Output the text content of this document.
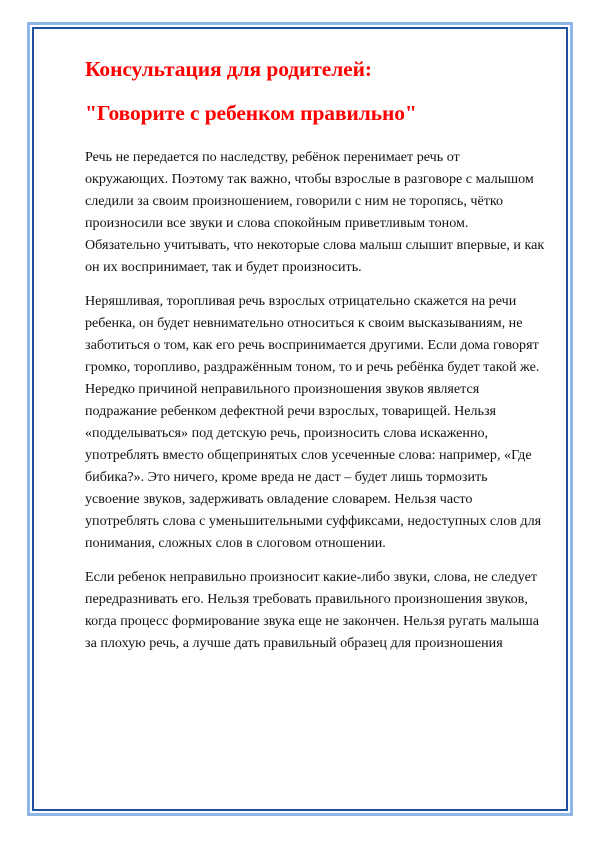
Консультация для родителей:
"Говорите с ребенком правильно"

Речь не передается по наследству, ребёнок перенимает речь от окружающих. Поэтому так важно, чтобы взрослые в разговоре с малышом следили за своим произношением, говорили с ним не торопясь, чётко произносили все звуки и слова спокойным приветливым тоном. Обязательно учитывать, что некоторые слова малыш слышит впервые, и как он их воспринимает, так и будет произносить.

Неряшливая, торопливая речь взрослых отрицательно скажется на речи ребенка, он будет невнимательно относиться к своим высказываниям, не заботиться о том, как его речь воспринимается другими. Если дома говорят громко, торопливо, раздражённым тоном, то и речь ребёнка будет такой же. Нередко причиной неправильного произношения звуков является подражание ребенком дефектной речи взрослых, товарищей. Нельзя «подделываться» под детскую речь, произносить слова искаженно, употреблять вместо общепринятых слов усеченные слова: например, «Где бибика?». Это ничего, кроме вреда не даст – будет лишь тормозить усвоение звуков, задерживать овладение словарем. Нельзя часто употреблять слова с уменьшительными суффиксами, недоступных слов для понимания, сложных слов в слоговом отношении.

Если ребенок неправильно произносит какие-либо звуки, слова, не следует передразнивать его. Нельзя требовать правильного произношения звуков, когда процесс формирование звука еще не закончен. Нельзя ругать малыша за плохую речь, а лучше дать правильный образец для произношения
